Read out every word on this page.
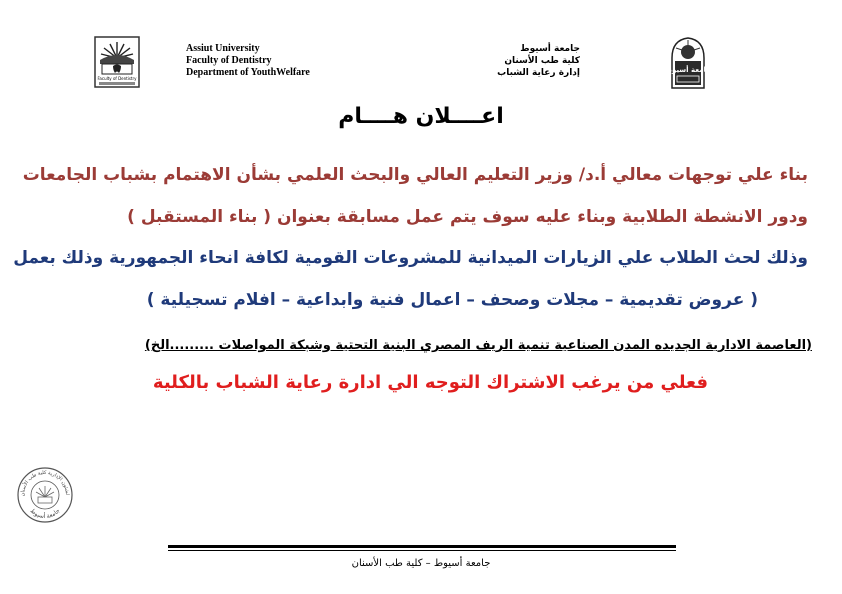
Faculty of Dentistry
Assiut University
Faculty of Dentistry
Department of YouthWelfare
جامعة أسيوط
كلية طب الأسنان
إدارة رعاية الشباب	جامعة أسيوط
اعــــلان هــــام
بناء علي توجهات معالي أ.د/ وزير التعليم العالي والبحث العلمي بشأن الاهتمام بشباب الجامعات
ودور الانشطة الطلابية وبناء عليه سوف يتم عمل مسابقة بعنوان ( بناء المستقبل )
وذلك لحث الطلاب علي الزيارات الميدانية للمشروعات القومية لكافة انحاء الجمهورية وذلك بعمل
( عروض تقديمية – مجلات وصحف – اعمال فنية وابداعية – افلام تسجيلية )
(العاصمة الادارية الجديده المدن الصناعية تنمية الريف المصري البنية التحتية وشبكة المواصلات .........الخ)
فعلي من يرغب الاشتراك التوجه الي ادارة رعاية الشباب بالكلية
لشئون الإدارية كلية طب الأسنان
جامعة أسيوط
جامعة أسيوط – كلية طب الأسنان
